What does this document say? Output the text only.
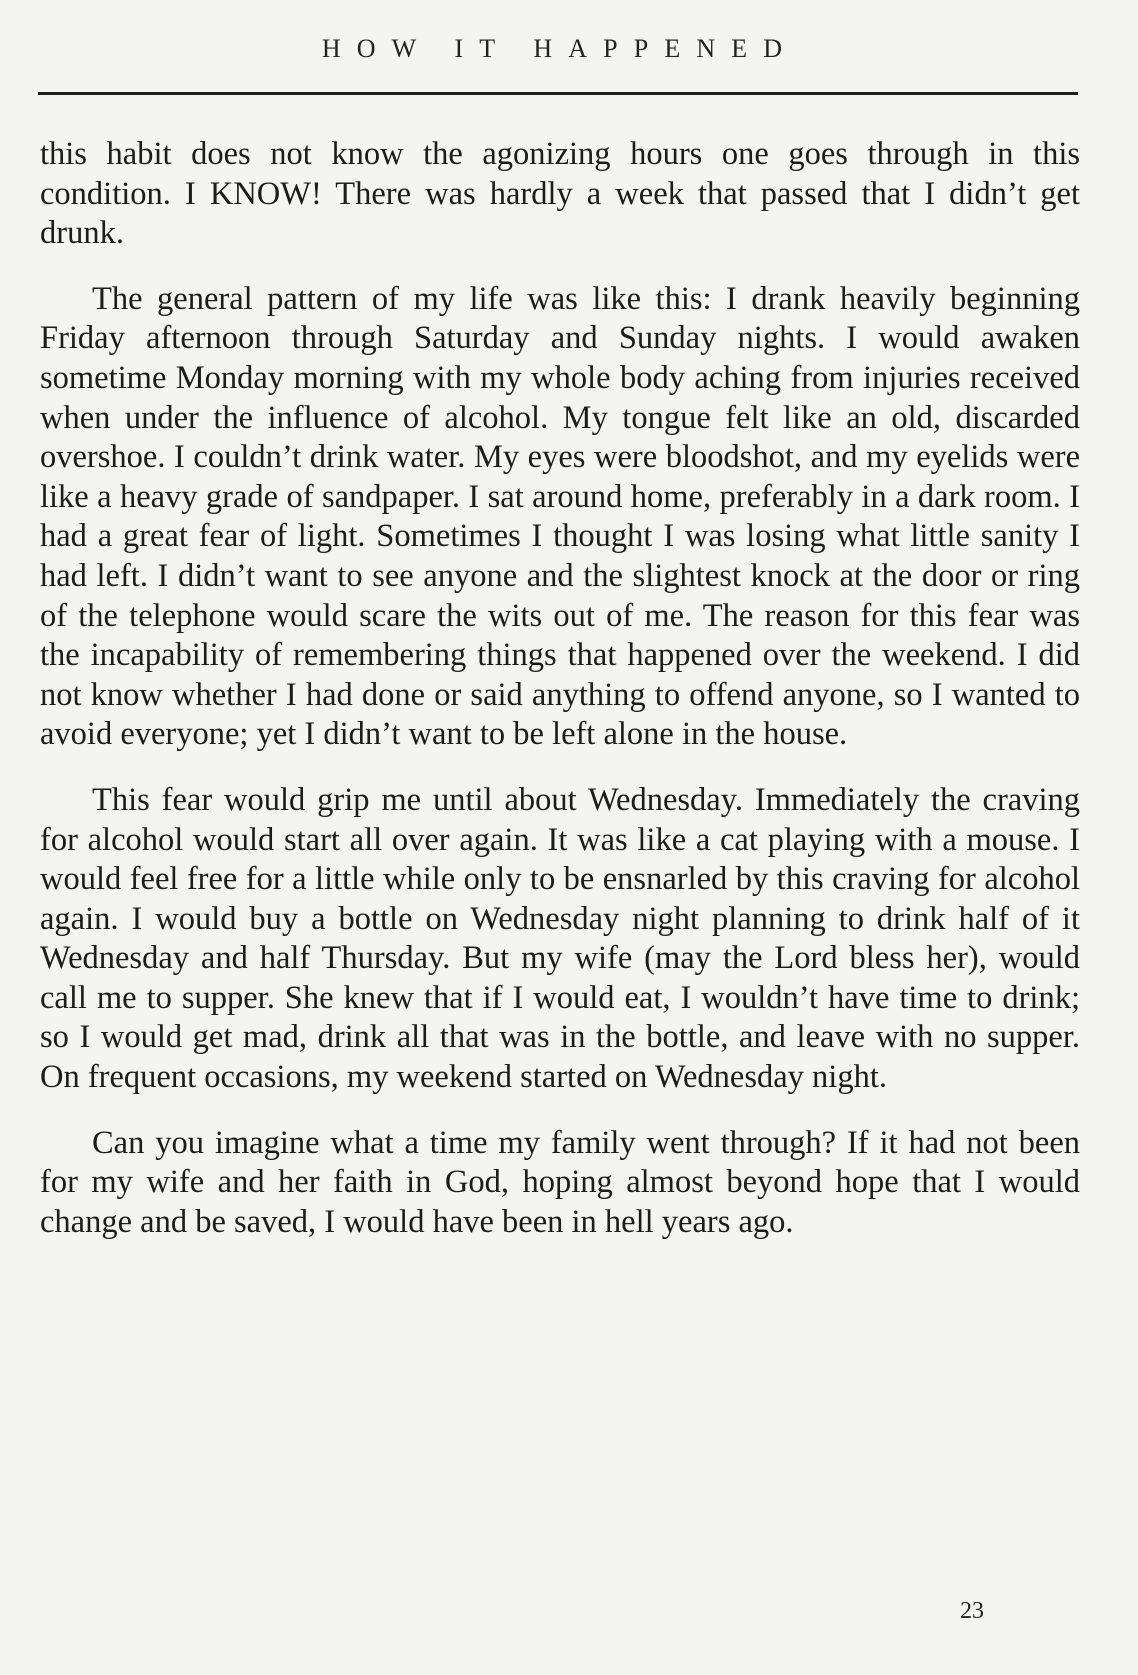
HOW IT HAPPENED

this habit does not know the agonizing hours one goes through in this condition. I KNOW! There was hardly a week that passed that I didn’t get drunk.

The general pattern of my life was like this: I drank heavily beginning Friday afternoon through Saturday and Sunday nights. I would awaken sometime Monday morning with my whole body aching from injuries received when under the influence of alcohol. My tongue felt like an old, discarded overshoe. I couldn’t drink water. My eyes were bloodshot, and my eyelids were like a heavy grade of sandpaper. I sat around home, preferably in a dark room. I had a great fear of light. Sometimes I thought I was losing what little sanity I had left. I didn’t want to see anyone and the slightest knock at the door or ring of the telephone would scare the wits out of me. The reason for this fear was the incapability of remembering things that happened over the weekend. I did not know whether I had done or said anything to offend anyone, so I wanted to avoid everyone; yet I didn’t want to be left alone in the house.

This fear would grip me until about Wednesday. Immediately the craving for alcohol would start all over again. It was like a cat playing with a mouse. I would feel free for a little while only to be ensnarled by this craving for alcohol again. I would buy a bottle on Wednesday night planning to drink half of it Wednesday and half Thursday. But my wife (may the Lord bless her), would call me to supper. She knew that if I would eat, I wouldn’t have time to drink; so I would get mad, drink all that was in the bottle, and leave with no supper. On frequent occasions, my weekend started on Wednesday night.

Can you imagine what a time my family went through? If it had not been for my wife and her faith in God, hoping almost beyond hope that I would change and be saved, I would have been in hell years ago.

23
